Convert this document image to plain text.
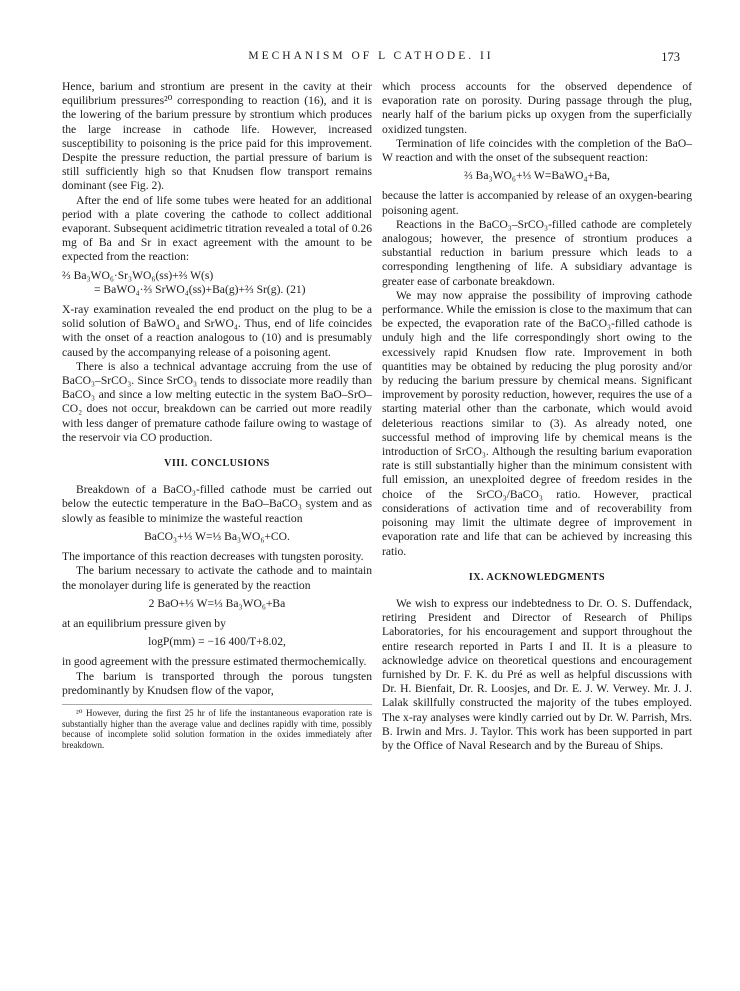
MECHANISM OF L CATHODE. II	173

Hence, barium and strontium are present in the cavity at their equilibrium pressures²⁰ corresponding to reaction (16), and it is the lowering of the barium pressure by strontium which produces the large increase in cathode life. However, increased susceptibility to poisoning is the price paid for this improvement. Despite the pressure reduction, the partial pressure of barium is still sufficiently high so that Knudsen flow transport remains dominant (see Fig. 2).

After the end of life some tubes were heated for an additional period with a plate covering the cathode to collect additional evaporant. Subsequent acidimetric titration revealed a total of 0.26 mg of Ba and Sr in exact agreement with the amount to be expected from the reaction:

⅔ Ba₃WO₆·Sr₃WO₆(ss)+⅔ W(s)
= BaWO₄·⅔ SrWO₄(ss)+Ba(g)+⅔ Sr(g). (21)

X-ray examination revealed the end product on the plug to be a solid solution of BaWO₄ and SrWO₄. Thus, end of life coincides with the onset of a reaction analogous to (10) and is presumably caused by the accompanying release of a poisoning agent.

There is also a technical advantage accruing from the use of BaCO₃–SrCO₃. Since SrCO₃ tends to dissociate more readily than BaCO₃ and since a low melting eutectic in the system BaO–SrO–CO₂ does not occur, breakdown can be carried out more readily with less danger of premature cathode failure owing to wastage of the reservoir via CO production.

VIII. CONCLUSIONS

Breakdown of a BaCO₃-filled cathode must be carried out below the eutectic temperature in the BaO–BaCO₃ system and as slowly as feasible to minimize the wasteful reaction

BaCO₃+⅓ W=⅓ Ba₃WO₆+CO.

The importance of this reaction decreases with tungsten porosity.

The barium necessary to activate the cathode and to maintain the monolayer during life is generated by the reaction

2 BaO+⅓ W=⅓ Ba₃WO₆+Ba

at an equilibrium pressure given by

logP(mm) = −16 400/T+8.02,

in good agreement with the pressure estimated thermochemically.

The barium is transported through the porous tungsten predominantly by Knudsen flow of the vapor,

²⁰ However, during the first 25 hr of life the instantaneous evaporation rate is substantially higher than the average value and declines rapidly with time, possibly because of incomplete solid solution formation in the oxides immediately after breakdown.

which process accounts for the observed dependence of evaporation rate on porosity. During passage through the plug, nearly half of the barium picks up oxygen from the superficially oxidized tungsten.

Termination of life coincides with the completion of the BaO–W reaction and with the onset of the subsequent reaction:

⅔ Ba₃WO₆+⅓ W=BaWO₄+Ba,

because the latter is accompanied by release of an oxygen-bearing poisoning agent.

Reactions in the BaCO₃–SrCO₃-filled cathode are completely analogous; however, the presence of strontium produces a substantial reduction in barium pressure which leads to a corresponding lengthening of life. A subsidiary advantage is greater ease of carbonate breakdown.

We may now appraise the possibility of improving cathode performance. While the emission is close to the maximum that can be expected, the evaporation rate of the BaCO₃-filled cathode is unduly high and the life correspondingly short owing to the excessively rapid Knudsen flow rate. Improvement in both quantities may be obtained by reducing the plug porosity and/or by reducing the barium pressure by chemical means. Significant improvement by porosity reduction, however, requires the use of a starting material other than the carbonate, which would avoid deleterious reactions similar to (3). As already noted, one successful method of improving life by chemical means is the introduction of SrCO₃. Although the resulting barium evaporation rate is still substantially higher than the minimum consistent with full emission, an unexploited degree of freedom resides in the choice of the SrCO₃/BaCO₃ ratio. However, practical considerations of activation time and of recoverability from poisoning may limit the ultimate degree of improvement in evaporation rate and life that can be achieved by increasing this ratio.

IX. ACKNOWLEDGMENTS

We wish to express our indebtedness to Dr. O. S. Duffendack, retiring President and Director of Research of Philips Laboratories, for his encouragement and support throughout the entire research reported in Parts I and II. It is a pleasure to acknowledge advice on theoretical questions and encouragement furnished by Dr. F. K. du Pré as well as helpful discussions with Dr. H. Bienfait, Dr. R. Loosjes, and Dr. E. J. W. Verwey. Mr. J. J. Lalak skillfully constructed the majority of the tubes employed. The x-ray analyses were kindly carried out by Dr. W. Parrish, Mrs. B. Irwin and Mrs. J. Taylor. This work has been supported in part by the Office of Naval Research and by the Bureau of Ships.
